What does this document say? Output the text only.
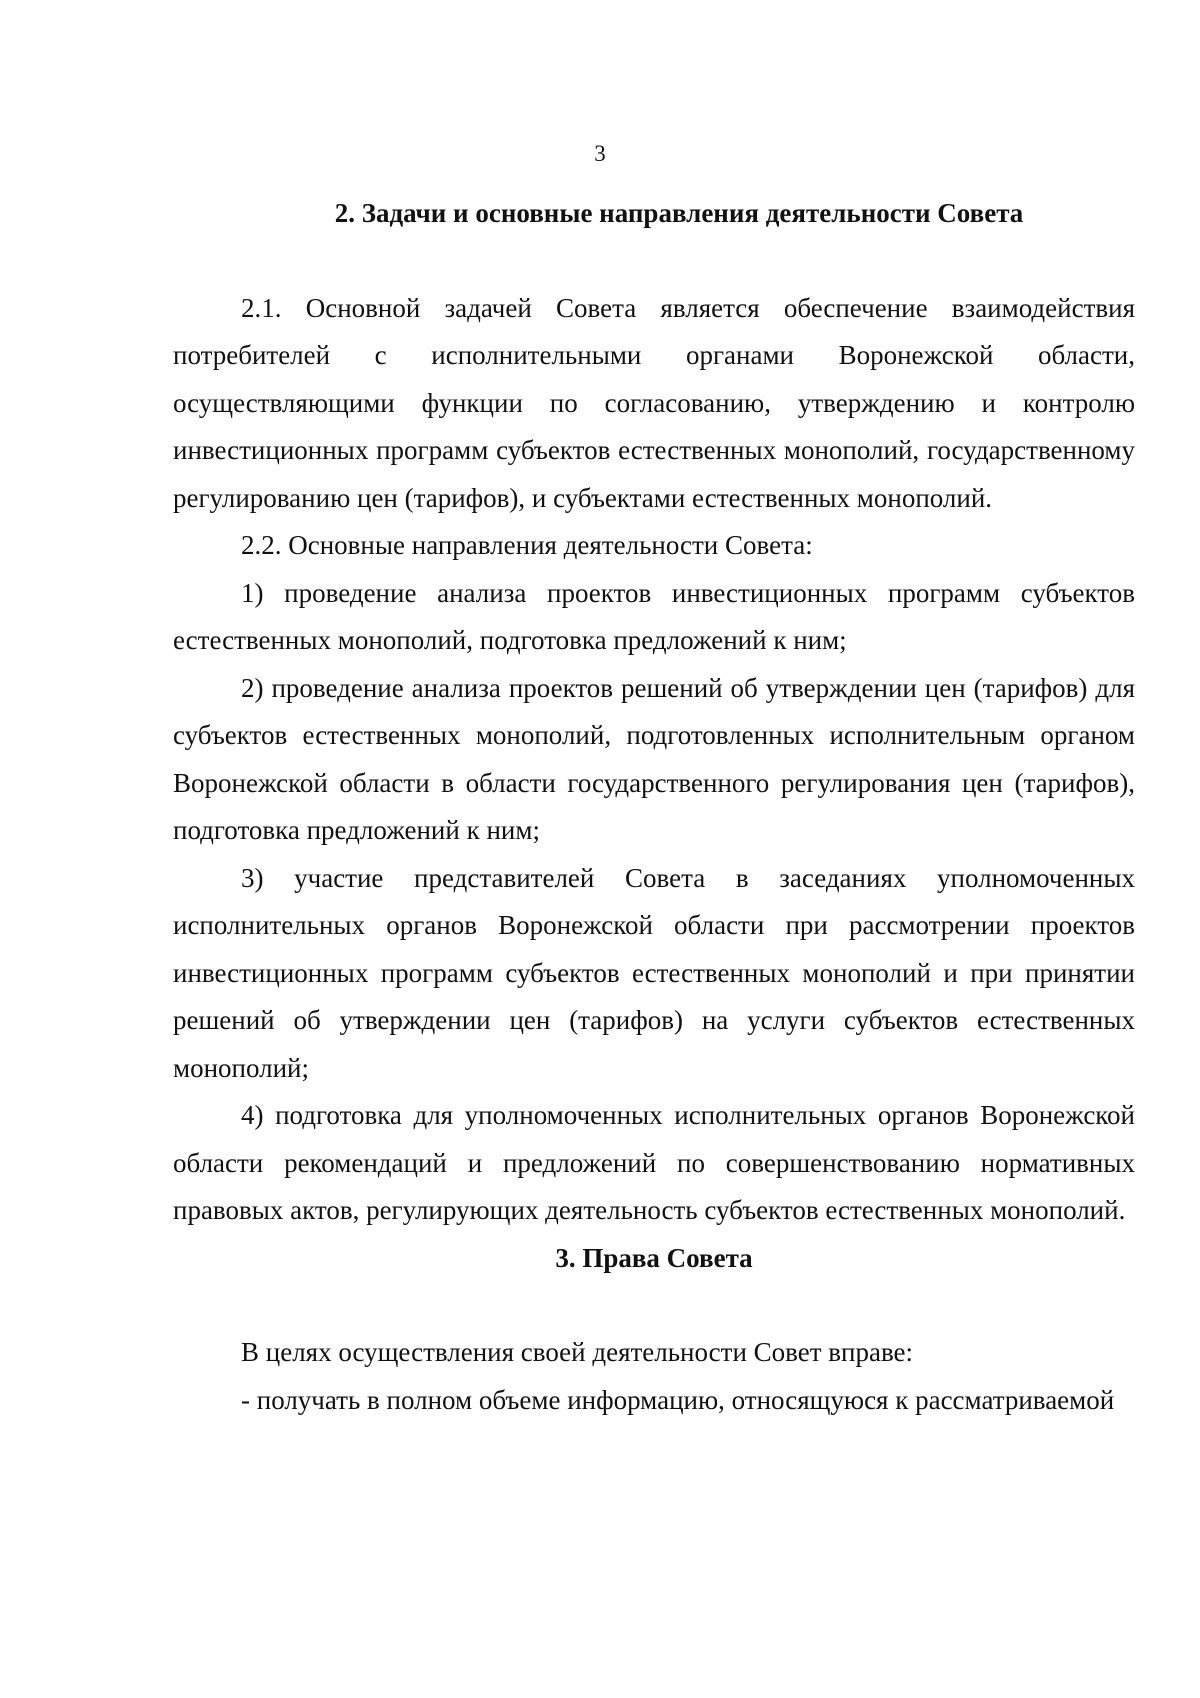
3
2. Задачи и основные направления деятельности Совета

2.1. Основной задачей Совета является обеспечение взаимодействия потребителей с исполнительными органами Воронежской области, осуществляющими функции по согласованию, утверждению и контролю инвестиционных программ субъектов естественных монополий, государственному регулированию цен (тарифов), и субъектами естественных монополий.

2.2. Основные направления деятельности Совета:

1) проведение анализа проектов инвестиционных программ субъектов естественных монополий, подготовка предложений к ним;

2) проведение анализа проектов решений об утверждении цен (тарифов) для субъектов естественных монополий, подготовленных исполнительным органом Воронежской области в области государственного регулирования цен (тарифов), подготовка предложений к ним;

3) участие представителей Совета в заседаниях уполномоченных исполнительных органов Воронежской области при рассмотрении проектов инвестиционных программ субъектов естественных монополий и при принятии решений об утверждении цен (тарифов) на услуги субъектов естественных монополий;

4) подготовка для уполномоченных исполнительных органов Воронежской области рекомендаций и предложений по совершенствованию нормативных правовых актов, регулирующих деятельность субъектов естественных монополий.

3. Права Совета

В целях осуществления своей деятельности Совет вправе:

- получать в полном объеме информацию, относящуюся к рассматриваемой
